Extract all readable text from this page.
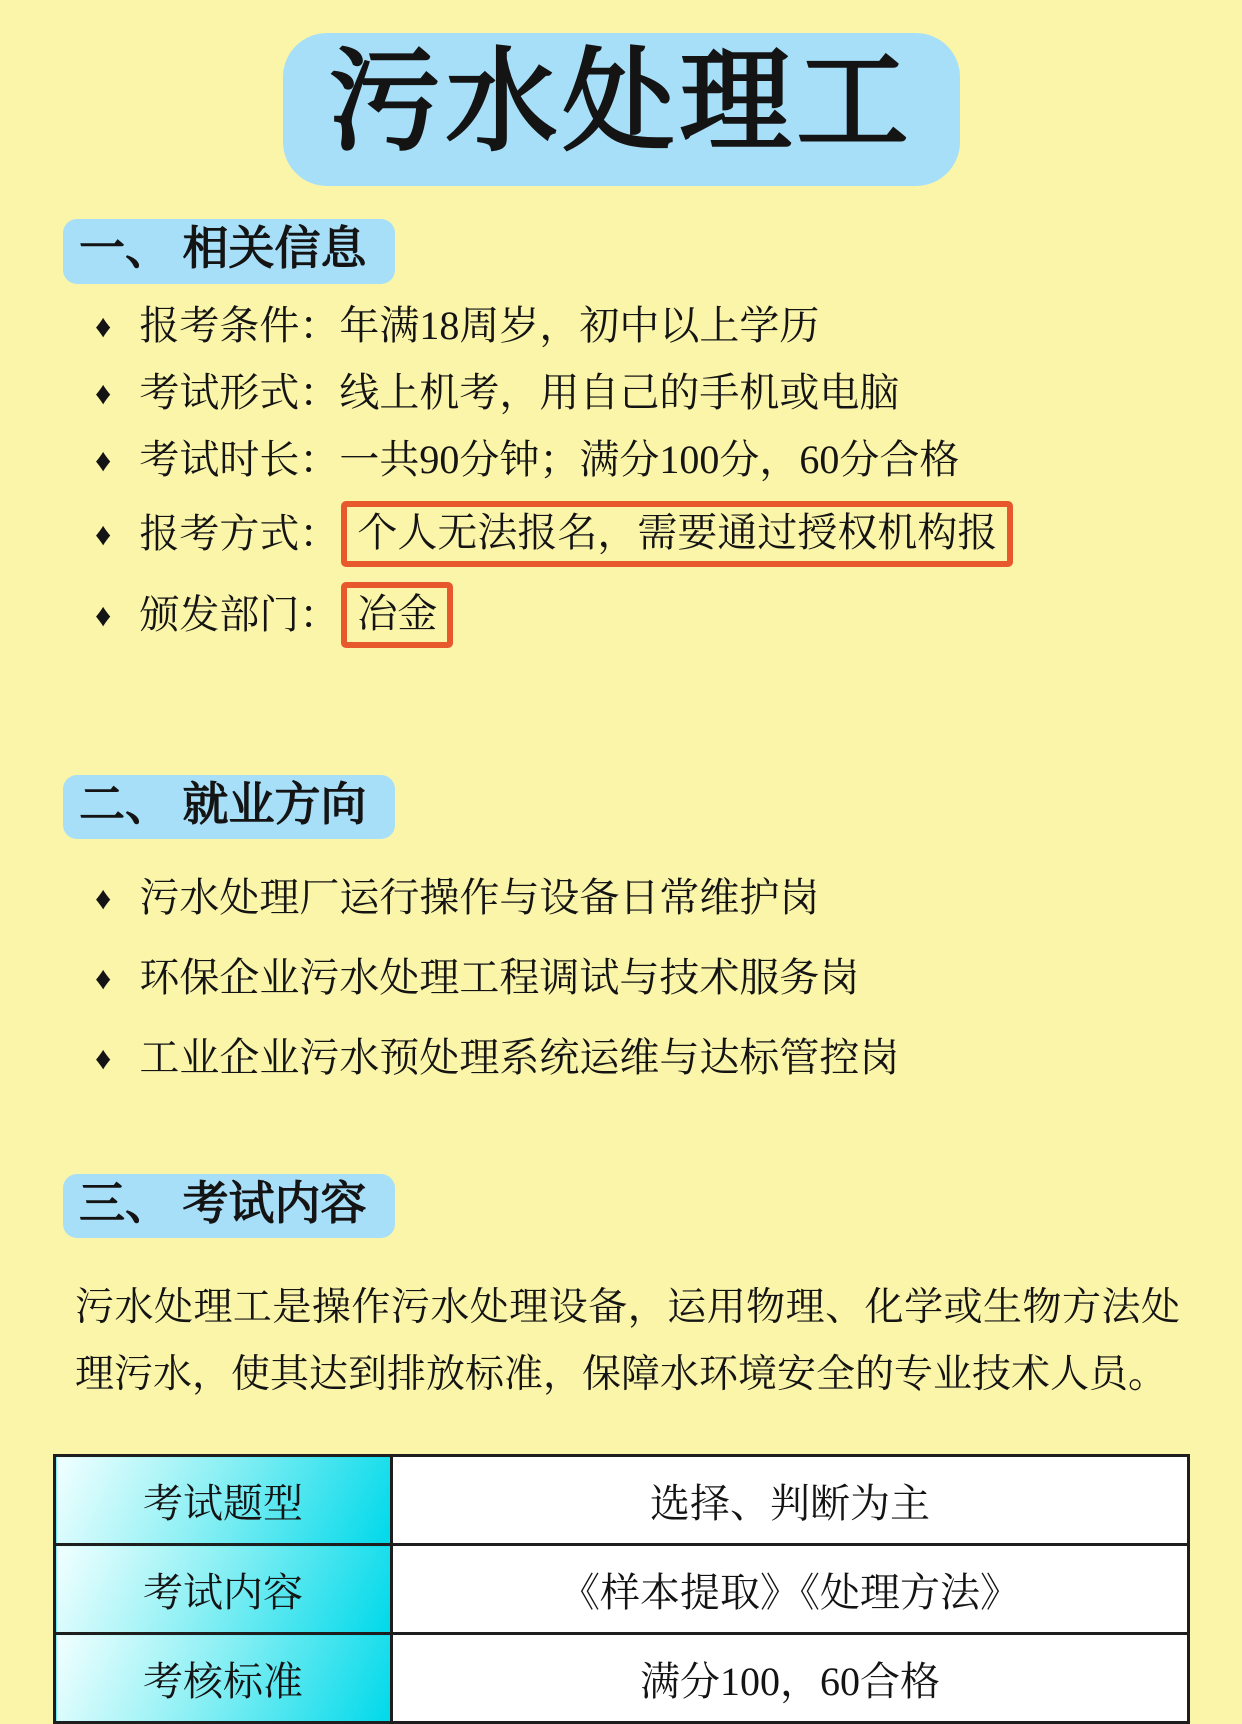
污水处理工
一、 相关信息
♦ 报考条件： 年满18周岁，初中以上学历
♦ 考试形式： 线上机考，用自己的手机或电脑
♦ 考试时长： 一共90分钟；满分100分，60分合格
♦ 报考方式： 个人无法报名，需要通过授权机构报
♦ 颁发部门： 冶金
二、 就业方向
♦ 污水处理厂运行操作与设备日常维护岗
♦ 环保企业污水处理工程调试与技术服务岗
♦ 工业企业污水预处理系统运维与达标管控岗
三、 考试内容
污水处理工是操作污水处理设备，运用物理、化学或生物方法处理污水，使其达到排放标准，保障水环境安全的专业技术人员。
考试题型	选择、判断为主
考试内容	《样本提取》《处理方法》
考核标准	满分100，60合格
